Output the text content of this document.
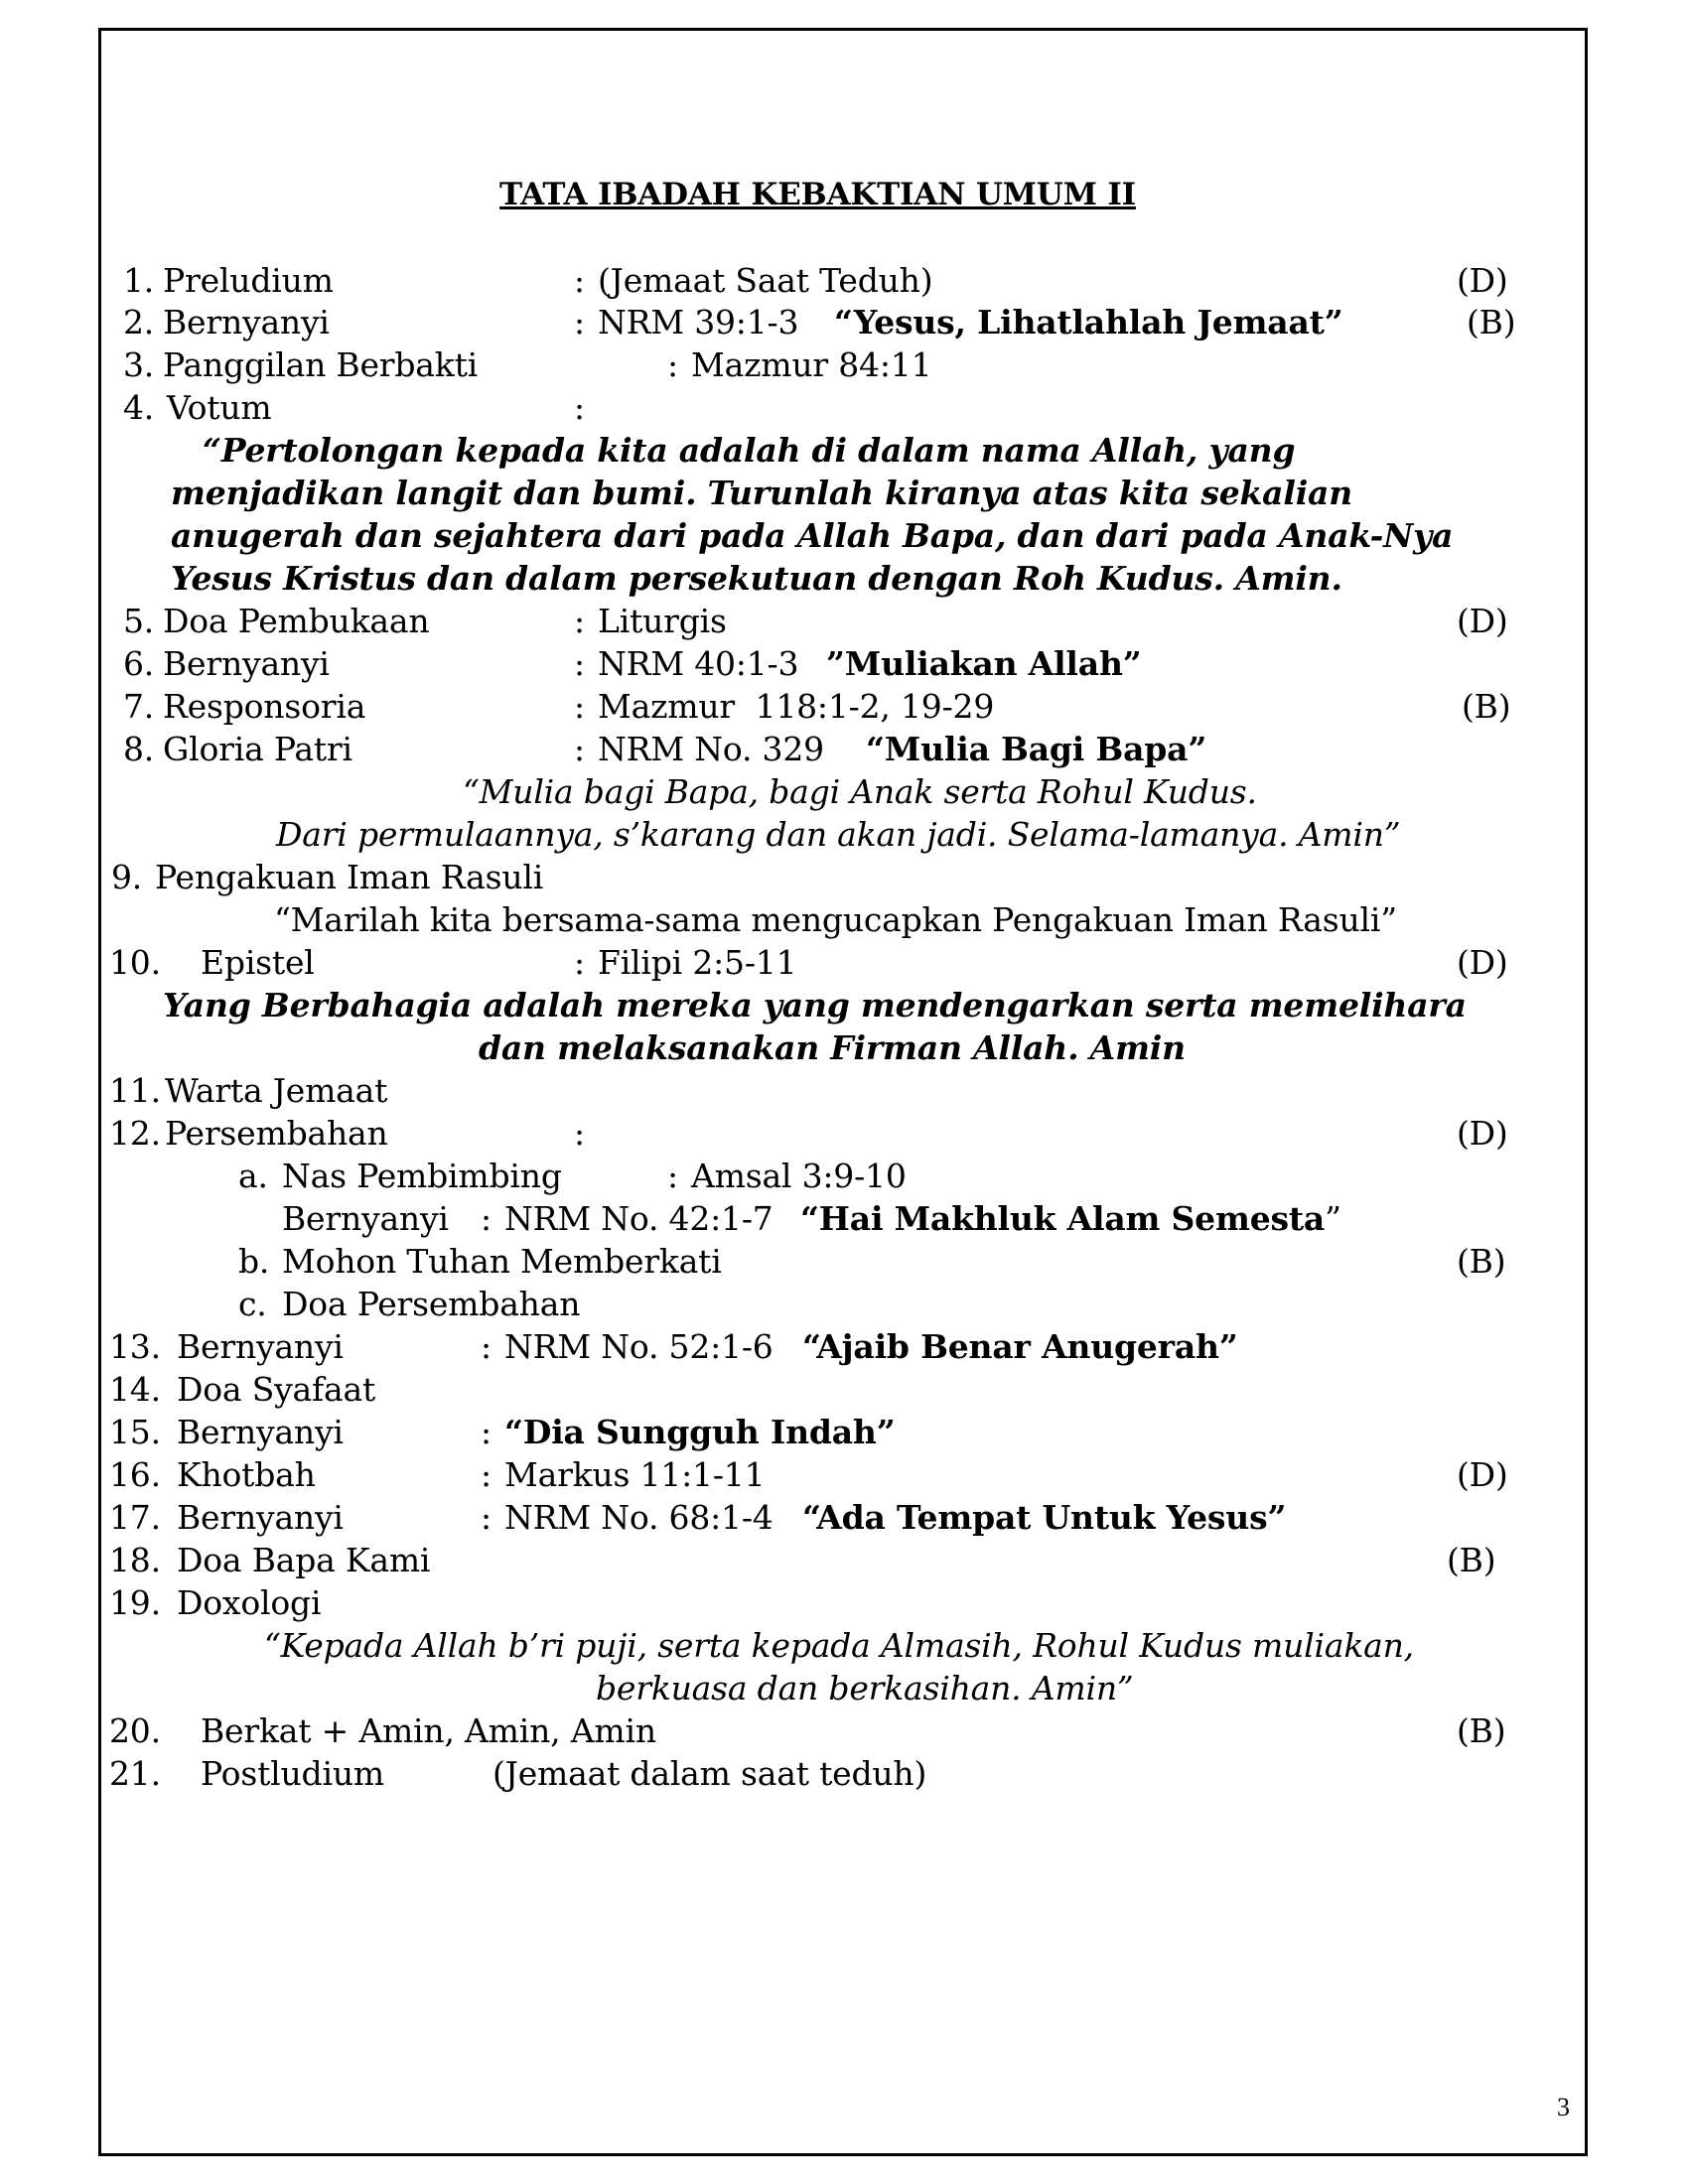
TATA IBADAH KEBAKTIAN UMUM II
1. Preludium	: (Jemaat Saat Teduh)	(D)
2. Bernyanyi	: NRM 39:1-3 “Yesus, Lihatlahlah Jemaat”	(B)
3. Panggilan Berbakti	: Mazmur 84:11
4. Votum	:
“Pertolongan kepada kita adalah di dalam nama Allah, yang
menjadikan langit dan bumi. Turunlah kiranya atas kita sekalian
anugerah dan sejahtera dari pada Allah Bapa, dan dari pada Anak-Nya
Yesus Kristus dan dalam persekutuan dengan Roh Kudus. Amin.
5. Doa Pembukaan	: Liturgis	(D)
6. Bernyanyi	: NRM 40:1-3 ”Muliakan Allah”
7. Responsoria	: Mazmur  118:1-2, 19-29	(B)
8. Gloria Patri	: NRM No. 329 “Mulia Bagi Bapa”
“Mulia bagi Bapa, bagi Anak serta Rohul Kudus.
Dari permulaannya, s’karang dan akan jadi. Selama-lamanya. Amin”
9. Pengakuan Iman Rasuli
“Marilah kita bersama-sama mengucapkan Pengakuan Iman Rasuli”
10. Epistel	: Filipi 2:5-11	(D)
Yang Berbahagia adalah mereka yang mendengarkan serta memelihara
dan melaksanakan Firman Allah. Amin
11. Warta Jemaat
12. Persembahan	:	(D)
a. Nas Pembimbing	: Amsal 3:9-10
Bernyanyi : NRM No. 42:1-7 “Hai Makhluk Alam Semesta”
b. Mohon Tuhan Memberkati	(B)
c. Doa Persembahan
13. Bernyanyi	: NRM No. 52:1-6 “Ajaib Benar Anugerah”
14. Doa Syafaat
15. Bernyanyi	: “Dia Sungguh Indah”
16. Khotbah	: Markus 11:1-11	(D)
17. Bernyanyi	: NRM No. 68:1-4 “Ada Tempat Untuk Yesus”
18. Doa Bapa Kami	(B)
19. Doxologi
“Kepada Allah b’ri puji, serta kepada Almasih, Rohul Kudus muliakan,
berkuasa dan berkasihan. Amin”
20. Berkat + Amin, Amin, Amin	(B)
21. Postludium	(Jemaat dalam saat teduh)
3
